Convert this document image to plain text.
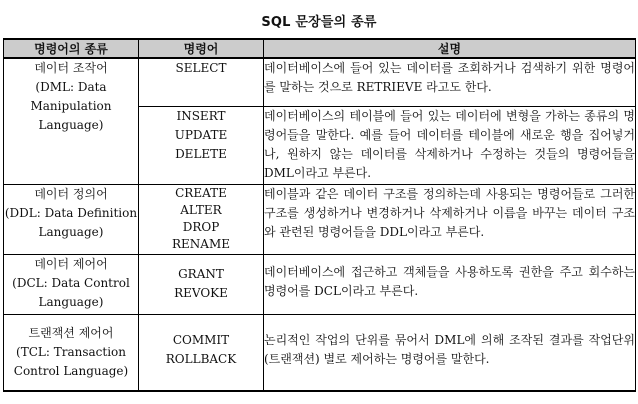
SQL 문장들의 종류
명령어의 종류	명령어	설명

데이터 조작어
(DML: Data
Manipulation
Language)	SELECT	데이터베이스에 들어 있는 데이터를 조회하거나 검색하기 위한 명령어를 말하는 것으로 RETRIEVE 라고도 한다.

	INSERT
UPDATE
DELETE	데이터베이스의 테이블에 들어 있는 데이터에 변형을 가하는 종류의 명령어들을 말한다. 예를 들어 데이터를 테이블에 새로운 행을 집어넣거나, 원하지 않는 데이터를 삭제하거나 수정하는 것들의 명령어들을 DML이라고 부른다.

데이터 정의어
(DDL: Data Definition
Language)	CREATE
ALTER
DROP
RENAME	테이블과 같은 데이터 구조를 정의하는데 사용되는 명령어들로 그러한 구조를 생성하거나 변경하거나 삭제하거나 이름을 바꾸는 데이터 구조와 관련된 명령어들을 DDL이라고 부른다.

데이터 제어어
(DCL: Data Control
Language)	GRANT
REVOKE	데이터베이스에 접근하고 객체들을 사용하도록 권한을 주고 회수하는 명령어를 DCL이라고 부른다.

트랜잭션 제어어
(TCL: Transaction
Control Language)	COMMIT
ROLLBACK	논리적인 작업의 단위를 묶어서 DML에 의해 조작된 결과를 작업단위(트랜잭션) 별로 제어하는 명령어를 말한다.
